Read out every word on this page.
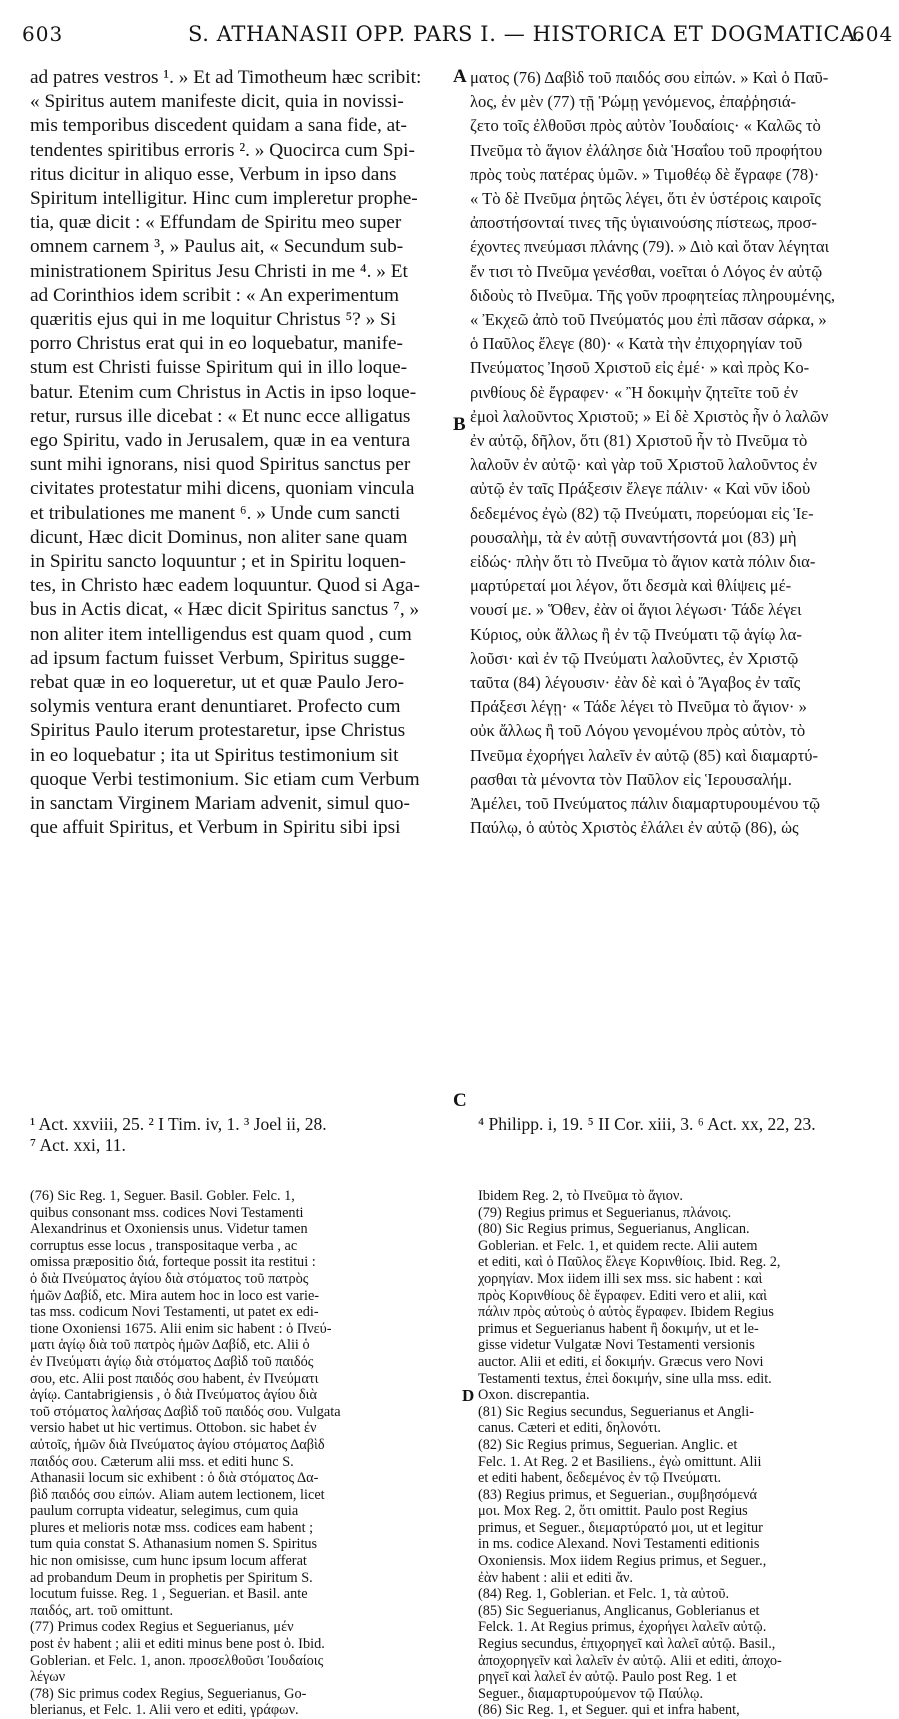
603	S. ATHANASII OPP. PARS I. — HISTORICA ET DOGMATICA.
604
ad patres vestros ¹. » Et ad Timotheum hæc scribit:
« Spiritus autem manifeste dicit, quia in novissi-
mis temporibus discedent quidam a sana fide, at-
tendentes spiritibus erroris ². » Quocirca cum Spi-
ritus dicitur in aliquo esse, Verbum in ipso dans
Spiritum intelligitur. Hinc cum impleretur prophe-
tia, quæ dicit : « Effundam de Spiritu meo super
omnem carnem ³, » Paulus ait, « Secundum sub-
ministrationem Spiritus Jesu Christi in me ⁴. » Et
ad Corinthios idem scribit : « An experimentum
quæritis ejus qui in me loquitur Christus ⁵? » Si
porro Christus erat qui in eo loquebatur, manife-
stum est Christi fuisse Spiritum qui in illo loque-
batur. Etenim cum Christus in Actis in ipso loque-
retur, rursus ille dicebat : « Et nunc ecce alligatus
ego Spiritu, vado in Jerusalem, quæ in ea ventura
sunt mihi ignorans, nisi quod Spiritus sanctus per
civitates protestatur mihi dicens, quoniam vincula
et tribulationes me manent ⁶. » Unde cum sancti
dicunt, Hæc dicit Dominus, non aliter sane quam
in Spiritu sancto loquuntur ; et in Spiritu loquen-
tes, in Christo hæc eadem loquuntur. Quod si Aga-
bus in Actis dicat, « Hæc dicit Spiritus sanctus ⁷, »
non aliter item intelligendus est quam quod , cum
ad ipsum factum fuisset Verbum, Spiritus sugge-
rebat quæ in eo loqueretur, ut et quæ Paulo Jero-
solymis ventura erant denuntiaret. Profecto cum
Spiritus Paulo iterum protestaretur, ipse Christus
in eo loquebatur ; ita ut Spiritus testimonium sit
quoque Verbi testimonium. Sic etiam cum Verbum
in sanctam Virginem Mariam advenit, simul quo-
que affuit Spiritus, et Verbum in Spiritu sibi ipsi
ματος (76) Δαβὶδ τοῦ παιδός σου εἰπών. » Καὶ ὁ Παῦ-
λος, ἐν μὲν (77) τῇ Ῥώμῃ γενόμενος, ἐπαῤῥησιά-
ζετο τοῖς ἐλθοῦσι πρὸς αὐτὸν Ἰουδαίοις· « Καλῶς τὸ
Πνεῦμα τὸ ἅγιον ἐλάλησε διὰ Ἡσαΐου τοῦ προφήτου
πρὸς τοὺς πατέρας ὑμῶν. » Τιμοθέῳ δὲ ἔγραφε (78)·
« Τὸ δὲ Πνεῦμα ῥητῶς λέγει, ὅτι ἐν ὑστέροις καιροῖς
ἀποστήσονταί τινες τῆς ὑγιαινούσης πίστεως, προσ-
έχοντες πνεύμασι πλάνης (79). » Διὸ καὶ ὅταν λέγηται
ἔν τισι τὸ Πνεῦμα γενέσθαι, νοεῖται ὁ Λόγος ἐν αὐτῷ
διδοὺς τὸ Πνεῦμα. Τῆς γοῦν προφητείας πληρουμένης,
« Ἐκχεῶ ἀπὸ τοῦ Πνεύματός μου ἐπὶ πᾶσαν σάρκα, »
ὁ Παῦλος ἔλεγε (80)· « Κατὰ τὴν ἐπιχορηγίαν τοῦ
Πνεύματος Ἰησοῦ Χριστοῦ εἰς ἐμέ· » καὶ πρὸς Κο-
ρινθίους δὲ ἔγραφεν· « Ἢ δοκιμὴν ζητεῖτε τοῦ ἐν
ἐμοὶ λαλοῦντος Χριστοῦ; » Εἰ δὲ Χριστὸς ἦν ὁ λαλῶν
ἐν αὐτῷ, δῆλον, ὅτι (81) Χριστοῦ ἦν τὸ Πνεῦμα τὸ
λαλοῦν ἐν αὐτῷ· καὶ γὰρ τοῦ Χριστοῦ λαλοῦντος ἐν
αὐτῷ ἐν ταῖς Πράξεσιν ἔλεγε πάλιν· « Καὶ νῦν ἰδοὺ
δεδεμένος ἐγὼ (82) τῷ Πνεύματι, πορεύομαι εἰς Ἱε-
ρουσαλὴμ, τὰ ἐν αὐτῇ συναντήσοντά μοι (83) μὴ
εἰδώς· πλὴν ὅτι τὸ Πνεῦμα τὸ ἅγιον κατὰ πόλιν δια-
μαρτύρεταί μοι λέγον, ὅτι δεσμὰ καὶ θλίψεις μέ-
νουσί με. » Ὅθεν, ἐὰν οἱ ἅγιοι λέγωσι· Τάδε λέγει
Κύριος, οὐκ ἄλλως ἢ ἐν τῷ Πνεύματι τῷ ἁγίῳ λα-
λοῦσι· καὶ ἐν τῷ Πνεύματι λαλοῦντες, ἐν Χριστῷ
ταῦτα (84) λέγουσιν· ἐὰν δὲ καὶ ὁ Ἄγαβος ἐν ταῖς
Πράξεσι λέγῃ· « Τάδε λέγει τὸ Πνεῦμα τὸ ἅγιον· »
οὐκ ἄλλως ἢ τοῦ Λόγου γενομένου πρὸς αὐτὸν, τὸ
Πνεῦμα ἐχορήγει λαλεῖν ἐν αὐτῷ (85) καὶ διαμαρτύ-
ρασθαι τὰ μένοντα τὸν Παῦλον εἰς Ἱερουσαλήμ.
Ἀμέλει, τοῦ Πνεύματος πάλιν διαμαρτυρουμένου τῷ
Παύλῳ, ὁ αὐτὸς Χριστὸς ἐλάλει ἐν αὐτῷ (86), ὡς
A
B
C
¹ Act. xxviii, 25. ² I Tim. iv, 1. ³ Joel ii, 28.
⁷ Act. xxi, 11.
⁴ Philipp. i, 19. ⁵ II Cor. xiii, 3. ⁶ Act. xx, 22, 23.
(76) Sic Reg. 1, Seguer. Basil. Gobler. Felc. 1,
quibus consonant mss. codices Novi Testamenti
Alexandrinus et Oxoniensis unus. Videtur tamen
corruptus esse locus , transpositaque verba , ac
omissa præpositio διά, forteque possit ita restitui :
ὁ διὰ Πνεύματος ἁγίου διὰ στόματος τοῦ πατρὸς
ἡμῶν Δαβίδ, etc. Mira autem hoc in loco est varie-
tas mss. codicum Novi Testamenti, ut patet ex edi-
tione Oxoniensi 1675. Alii enim sic habent : ὁ Πνεύ-
ματι ἁγίῳ διὰ τοῦ πατρὸς ἡμῶν Δαβίδ, etc. Alii ὁ
ἐν Πνεύματι ἁγίῳ διὰ στόματος Δαβὶδ τοῦ παιδός
σου, etc. Alii post παιδός σου habent, ἐν Πνεύματι
ἁγίῳ. Cantabrigiensis , ὁ διὰ Πνεύματος ἁγίου διὰ
τοῦ στόματος λαλήσας Δαβὶδ τοῦ παιδός σου. Vulgata
versio habet ut hic vertimus. Ottobon. sic habet ἐν
αὐτοῖς, ἡμῶν διὰ Πνεύματος ἁγίου στόματος Δαβὶδ
παιδός σου. Cæterum alii mss. et editi hunc S.
Athanasii locum sic exhibent : ὁ διὰ στόματος Δα-
βὶδ παιδός σου εἰπών. Aliam autem lectionem, licet
paulum corrupta videatur, selegimus, cum quia
plures et melioris notæ mss. codices eam habent ;
tum quia constat S. Athanasium nomen S. Spiritus
hic non omisisse, cum hunc ipsum locum afferat
ad probandum Deum in prophetis per Spiritum S.
locutum fuisse. Reg. 1 , Seguerian. et Basil. ante
παιδός, art. τοῦ omittunt.
(77) Primus codex Regius et Seguerianus, μέν
post ἐν habent ; alii et editi minus bene post ὁ. Ibid.
Goblerian. et Felc. 1, anon. προσελθοῦσι Ἰουδαίοις
λέγων
(78) Sic primus codex Regius, Seguerianus, Go-
blerianus, et Felc. 1. Alii vero et editi, γράφων.
D
Ibidem Reg. 2, τὸ Πνεῦμα τὸ ἅγιον.
(79) Regius primus et Seguerianus, πλάνοις.
(80) Sic Regius primus, Seguerianus, Anglican.
Goblerian. et Felc. 1, et quidem recte. Alii autem
et editi, καὶ ὁ Παῦλος ἔλεγε Κορινθίοις. Ibid. Reg. 2,
χορηγίαν. Mox iidem illi sex mss. sic habent : καὶ
πρὸς Κορινθίους δὲ ἔγραφεν. Editi vero et alii, καὶ
πάλιν πρὸς αὐτοὺς ὁ αὐτὸς ἔγραφεν. Ibidem Regius
primus et Seguerianus habent ἢ δοκιμήν, ut et le-
gisse videtur Vulgatæ Novi Testamenti versionis
auctor. Alii et editi, εἰ δοκιμήν. Græcus vero Novi
Testamenti textus, ἐπεὶ δοκιμήν, sine ulla mss. edit.
Oxon. discrepantia.
(81) Sic Regius secundus, Seguerianus et Angli-
canus. Cæteri et editi, δηλονότι.
(82) Sic Regius primus, Seguerian. Anglic. et
Felc. 1. At Reg. 2 et Basiliens., ἐγὼ omittunt. Alii
et editi habent, δεδεμένος ἐν τῷ Πνεύματι.
(83) Regius primus, et Seguerian., συμβησόμενά
μοι. Mox Reg. 2, ὅτι omittit. Paulo post Regius
primus, et Seguer., διεμαρτύρατό μοι, ut et legitur
in ms. codice Alexand. Novi Testamenti editionis
Oxoniensis. Mox iidem Regius primus, et Seguer.,
ἐὰν habent : alii et editi ἄν.
(84) Reg. 1, Goblerian. et Felc. 1, τὰ αὐτοῦ.
(85) Sic Seguerianus, Anglicanus, Goblerianus et
Felck. 1. At Regius primus, ἐχορήγει λαλεῖν αὐτῷ.
Regius secundus, ἐπιχορηγεῖ καὶ λαλεῖ αὐτῷ. Basil.,
ἀποχορηγεῖν καὶ λαλεῖν ἐν αὐτῷ. Alii et editi, ἀποχο-
ρηγεῖ καὶ λαλεῖ ἐν αὐτῷ. Paulo post Reg. 1 et
Seguer., διαμαρτυρούμενον τῷ Παύλῳ.
(86) Sic Reg. 1, et Seguer. qui et infra habent,
